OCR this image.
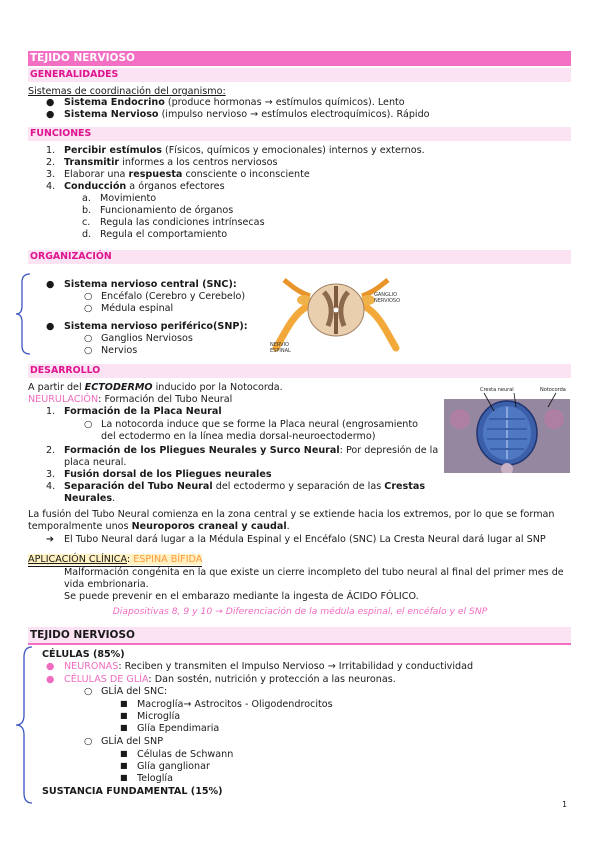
TEJIDO NERVIOSO
GENERALIDADES
Sistemas de coordinación del organismo:
● Sistema Endocrino (produce hormonas → estímulos químicos). Lento
● Sistema Nervioso (impulso nervioso → estímulos electroquímicos). Rápido
FUNCIONES
1. Percibir estímulos (Físicos, químicos y emocionales) internos y externos.
2. Transmitir informes a los centros nerviosos
3. Elaborar una respuesta consciente o inconsciente
4. Conducción a órganos efectores
a. Movimiento
b. Funcionamiento de órganos
c. Regula las condiciones intrínsecas
d. Regula el comportamiento
ORGANIZACIÓN
● Sistema nervioso central (SNC):
○ Encéfalo (Cerebro y Cerebelo)
○ Médula espinal
● Sistema nervioso periférico(SNP):
○ Ganglios Nerviosos
○ Nervios
GANGLIO NERVIOSO
NERVIO ESPINAL
DESARROLLO
A partir del ECTODERMO inducido por la Notocorda.
NEURULACIÓN: Formación del Tubo Neural
1. Formación de la Placa Neural
○ La notocorda induce que se forme la Placa neural (engrosamiento
del ectodermo en la línea media dorsal-neuroectodermo)
2. Formación de los Pliegues Neurales y Surco Neural: Por depresión de la
placa neural.
3. Fusión dorsal de los Pliegues neurales
4. Separación del Tubo Neural del ectodermo y separación de las Crestas
Neurales.
Cresta neural	Notocorda
La fusión del Tubo Neural comienza en la zona central y se extiende hacia los extremos, por lo que se forman
temporalmente unos Neuroporos craneal y caudal.
➔ El Tubo Neural dará lugar a la Médula Espinal y el Encéfalo (SNC) La Cresta Neural dará lugar al SNP
APLICACIÓN CLÍNICA: ESPINA BÍFIDA
Malformación congénita en la que existe un cierre incompleto del tubo neural al final del primer mes de
vida embrionaria.
Se puede prevenir en el embarazo mediante la ingesta de ÁCIDO FÓLICO.
Diapositivas 8, 9 y 10 → Diferenciación de la médula espinal, el encéfalo y el SNP
TEJIDO NERVIOSO
CÉLULAS (85%)
● NEURONAS: Reciben y transmiten el Impulso Nervioso → Irritabilidad y conductividad
● CÉLULAS DE GLÍA: Dan sostén, nutrición y protección a las neuronas.
○ GLÍA del SNC:
■ Macroglía→ Astrocitos - Oligodendrocitos
■ Microglía
■ Glía Ependimaria
○ GLÍA del SNP
■ Células de Schwann
■ Glía ganglionar
■ Teloglía
SUSTANCIA FUNDAMENTAL (15%)
1
